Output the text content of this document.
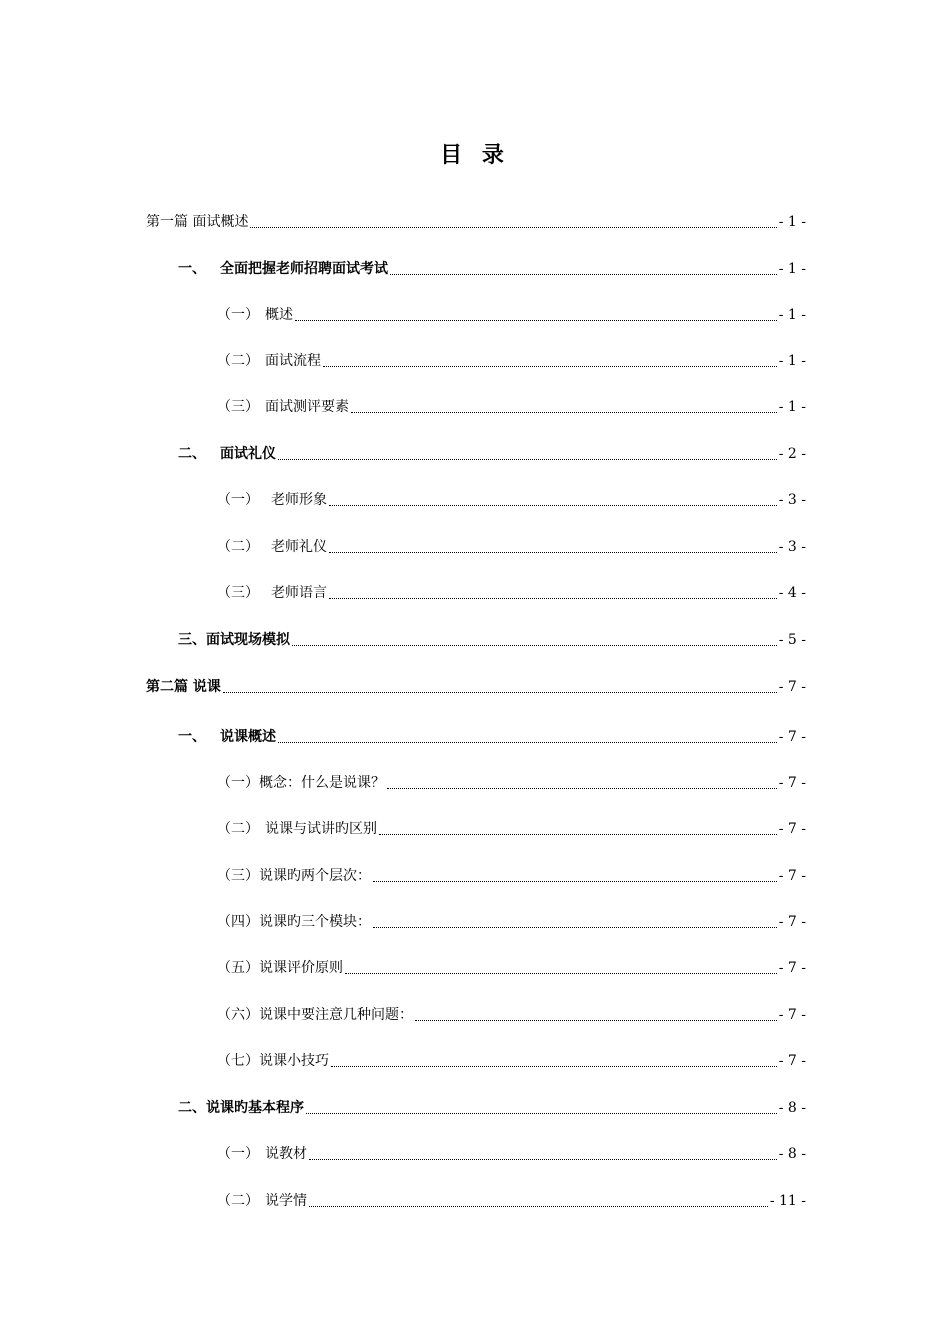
目 录
第一篇 面试概述	- 1 -
一、	全面把握老师招聘面试考试	- 1 -
（一） 概述	- 1 -
（二） 面试流程	- 1 -
（三） 面试测评要素	- 1 -
二、	面试礼仪	- 2 -
（一） 老师形象	- 3 -
（二） 老师礼仪	- 3 -
（三） 老师语言	- 4 -
三、面试现场模拟	- 5 -
第二篇 说课	- 7 -
一、	说课概述	- 7 -
（一）概念：什么是说课？	- 7 -
（二） 说课与试讲旳区别	- 7 -
（三）说课旳两个层次：	- 7 -
（四）说课旳三个模块：	- 7 -
（五）说课评价原则	- 7 -
（六）说课中要注意几种问题：	- 7 -
（七）说课小技巧	- 7 -
二、说课旳基本程序	- 8 -
（一） 说教材	- 8 -
（二） 说学情	- 11 -
